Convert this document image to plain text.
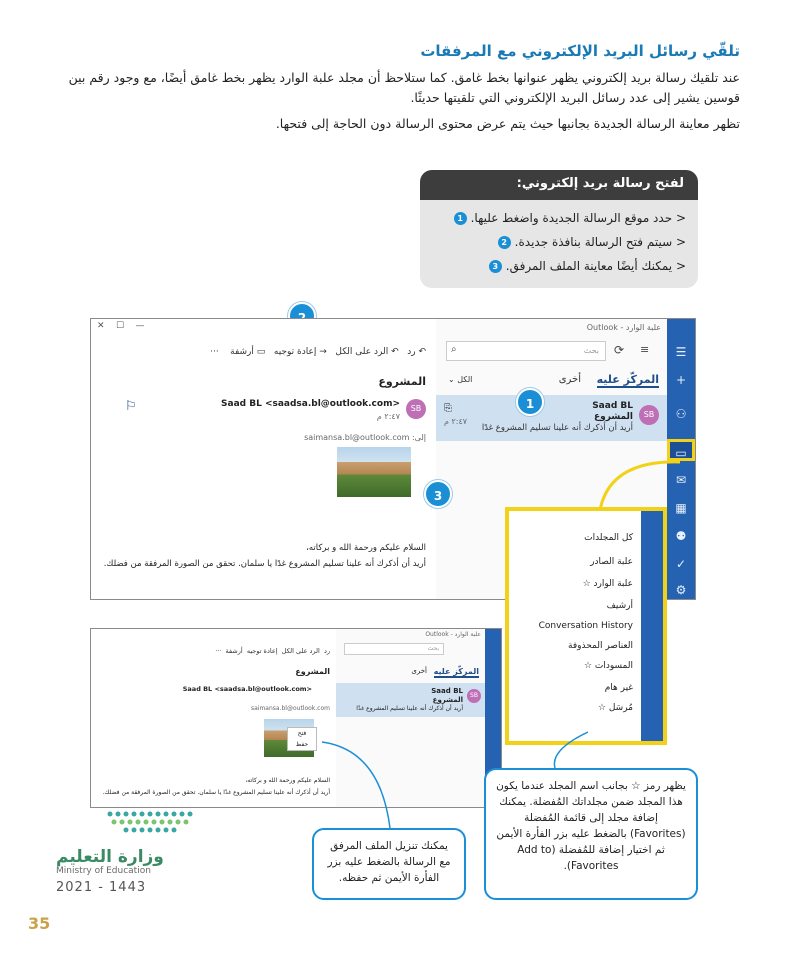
تلقّي رسائل البريد الإلكتروني مع المرفقات
عند تلقيك رسالة بريد إلكتروني يظهر عنوانها بخط غامق. كما ستلاحظ أن مجلد علبة الوارد يظهر بخط غامق أيضًا، مع وجود رقم بين قوسين يشير إلى عدد رسائل البريد الإلكتروني التي تلقيتها حديثًا.
تظهر معاينة الرسالة الجديدة بجانبها حيث يتم عرض محتوى الرسالة دون الحاجة إلى فتحها.
لفتح رسالة بريد إلكتروني:
< حدد موقع الرسالة الجديدة واضغط عليها.1
< سيتم فتح الرسالة بنافذة جديدة.2
< يمكنك أيضًا معاينة الملف المرفق.3
☰
+
⚇
▭
✉
▦
⚉
✓
⚙
علبة الوارد - Outlook
بحث
⌕	⟳ ≡
المركّز عليه
أخرى
الكل ⌄
SB
Saad BL
المشروع
أريد أن أذكرك أنه علينا تسليم المشروع غدًا
⎘
٢:٤٧ م
✕ ☐ —
↶ رد   ↶ الرد على الكل   → إعادة توجيه   ▭ أرشفة    ···
المشروع
SB
Saad BL <saadsa.bl@outlook.com>
٢:٤٧ م
⚐
إلى: saimansa.bl@outlook.com
السلام عليكم ورحمة الله و بركاته،
أريد أن أذكرك أنه علينا تسليم المشروع غدًا يا سلمان. تحقق من الصورة المرفقة من فضلك.
1
3
علبة الوارد - Outlook
بحث
المركّز عليه
أخرى
SB
Saad BL
المشروع
أريد أن أذكرك أنه علينا تسليم المشروع غدًا
رد  الرد على الكل  إعادة توجيه  أرشفة  ···
المشروع
Saad BL <saadsa.bl@outlook.com>
saimansa.bl@outlook.com
فتح
حفظ
السلام عليكم ورحمة الله و بركاته،
أريد أن أذكرك أنه علينا تسليم المشروع غدًا يا سلمان. تحقق من الصورة المرفقة من فضلك.
كل المجلدات
علبة الصادر
علبة الوارد ☆
أرشيف
Conversation History
العناصر المحذوفة
المسودات ☆
غير هام
مُرسَل ☆
يمكنك تنزيل الملف المرفق مع الرسالة بالضغط عليه بزر الفأرة الأيمن ثم حفظه.
يظهر رمز ☆ بجانب اسم المجلد عندما يكون هذا المجلد ضمن مجلداتك المُفضلة. يمكنك إضافة مجلد إلى قائمة المُفضلة (Favorites) بالضغط عليه بزر الفأرة الأيمن ثم اختيار إضافة للمُفضلة (Add to Favorites).
وزارة التعليم
Ministry of Education
2021 - 1443
35
